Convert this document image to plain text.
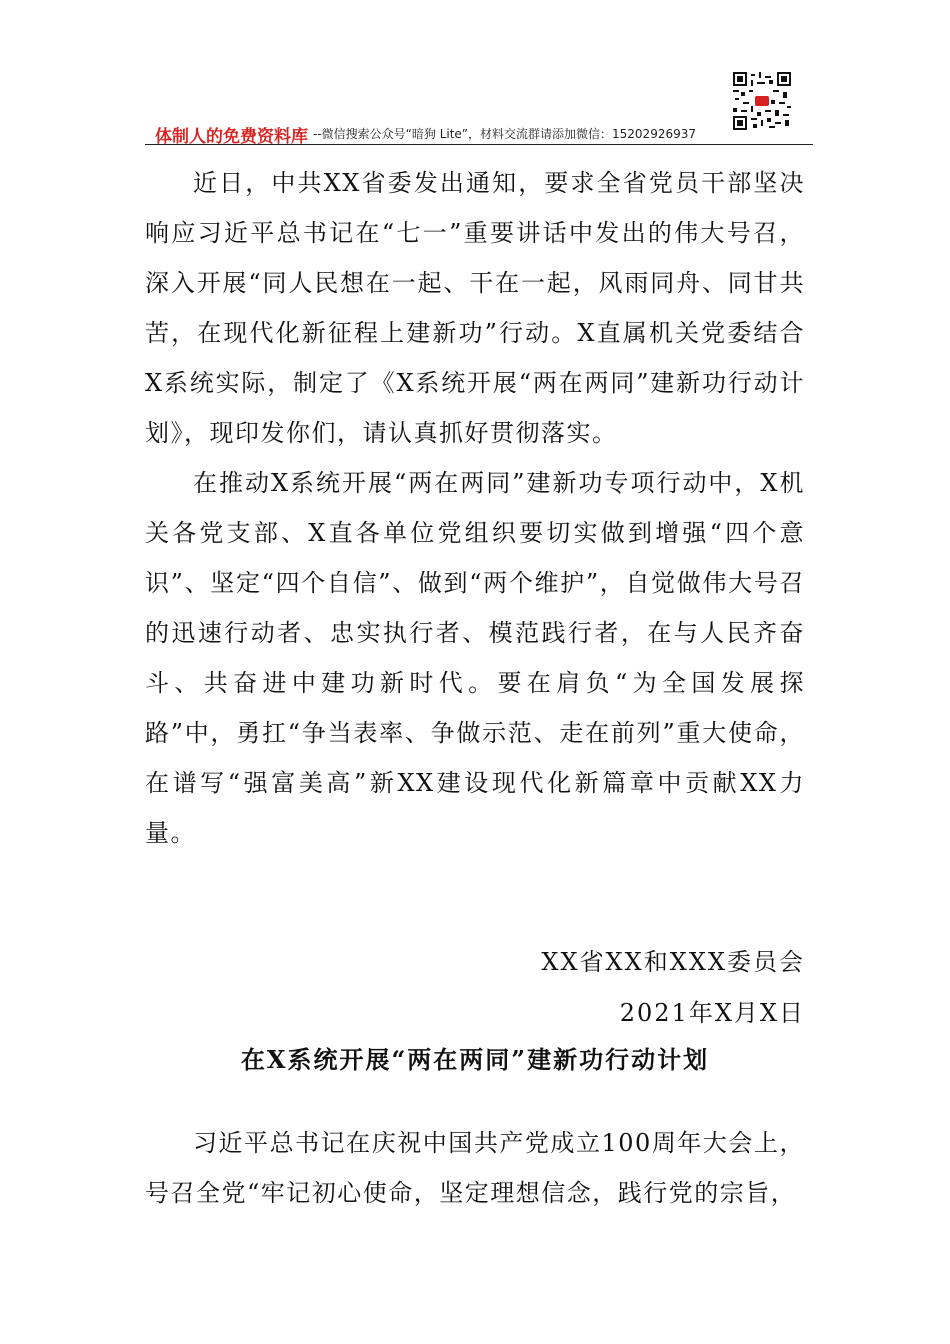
体制人的免费资料库 --微信搜索公众号“暗狗 Lite”，材料交流群请添加微信：15202926937

近日，中共XX省委发出通知，要求全省党员干部坚决响应习近平总书记在“七一”重要讲话中发出的伟大号召，深入开展“同人民想在一起、干在一起，风雨同舟、同甘共苦，在现代化新征程上建新功”行动。X直属机关党委结合X系统实际，制定了《X系统开展“两在两同”建新功行动计划》，现印发你们，请认真抓好贯彻落实。

在推动X系统开展“两在两同”建新功专项行动中，X机关各党支部、X直各单位党组织要切实做到增强“四个意识”、坚定“四个自信”、做到“两个维护”，自觉做伟大号召的迅速行动者、忠实执行者、模范践行者，在与人民齐奋斗、共奋进中建功新时代。要在肩负“为全国发展探路”中，勇扛“争当表率、争做示范、走在前列”重大使命，在谱写“强富美高”新XX建设现代化新篇章中贡献XX力量。

XX省XX和XXX委员会
2021年X月X日
在X系统开展“两在两同”建新功行动计划

习近平总书记在庆祝中国共产党成立100周年大会上，号召全党“牢记初心使命，坚定理想信念，践行党的宗旨，
